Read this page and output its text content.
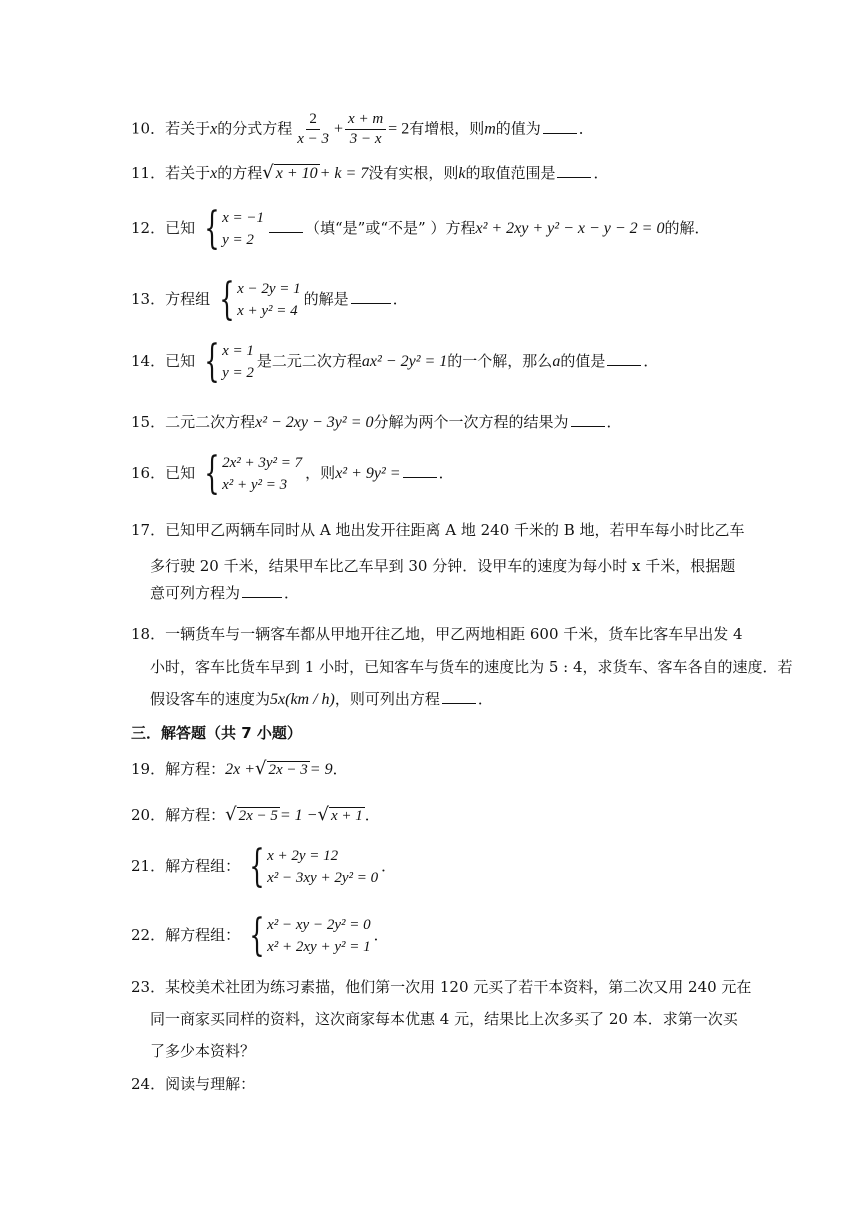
10．若关于x的分式方程 $\frac{2}{x - 3} + \frac{x + m}{3 - x} = 2$有增根，则m的值为	．
11．若关于x的方程 √ x + 10 + k = 7没有实根，则k的取值范围是	．
12．已知 { x = −1
y = 2
（填“是”或“不是” ）方程x² + 2xy + y² − x − y − 2 = 0的解．
13．方程组 { x − 2y = 1
x + y² = 4
的解是	．
14．已知 { x = 1
y = 2
是二元二次方程ax² − 2y² = 1的一个解，那么a的值是	．
15．二元二次方程x² − 2xy − 3y² = 0分解为两个一次方程的结果为	．
16．已知 { 2x² + 3y² = 7
x² + y² = 3
，则x² + 9y² =	．
17．已知甲乙两辆车同时从 A 地出发开往距离 A 地 240 千米的 B 地，若甲车每小时比乙车
多行驶 20 千米，结果甲车比乙车早到 30 分钟．设甲车的速度为每小时 x 千米，根据题
意可列方程为	．
18．一辆货车与一辆客车都从甲地开往乙地，甲乙两地相距 600 千米，货车比客车早出发 4
小时，客车比货车早到 1 小时，已知客车与货车的速度比为 5 : 4，求货车、客车各自的速度．若
假设客车的速度为5x(km / h)，则可列出方程	．
三．解答题（共 7 小题）
19．解方程：2x + √ 2x − 3 = 9．
20．解方程： √ 2x − 5 = 1 − √ x + 1 ．
21．解方程组： { x + 2y = 12
x² − 3xy + 2y² = 0
．
22．解方程组： { x² − xy − 2y² = 0
x² + 2xy + y² = 1
．
23．某校美术社团为练习素描，他们第一次用 120 元买了若干本资料，第二次又用 240 元在
同一商家买同样的资料，这次商家每本优惠 4 元，结果比上次多买了 20 本．求第一次买
了多少本资料？
24．阅读与理解：
